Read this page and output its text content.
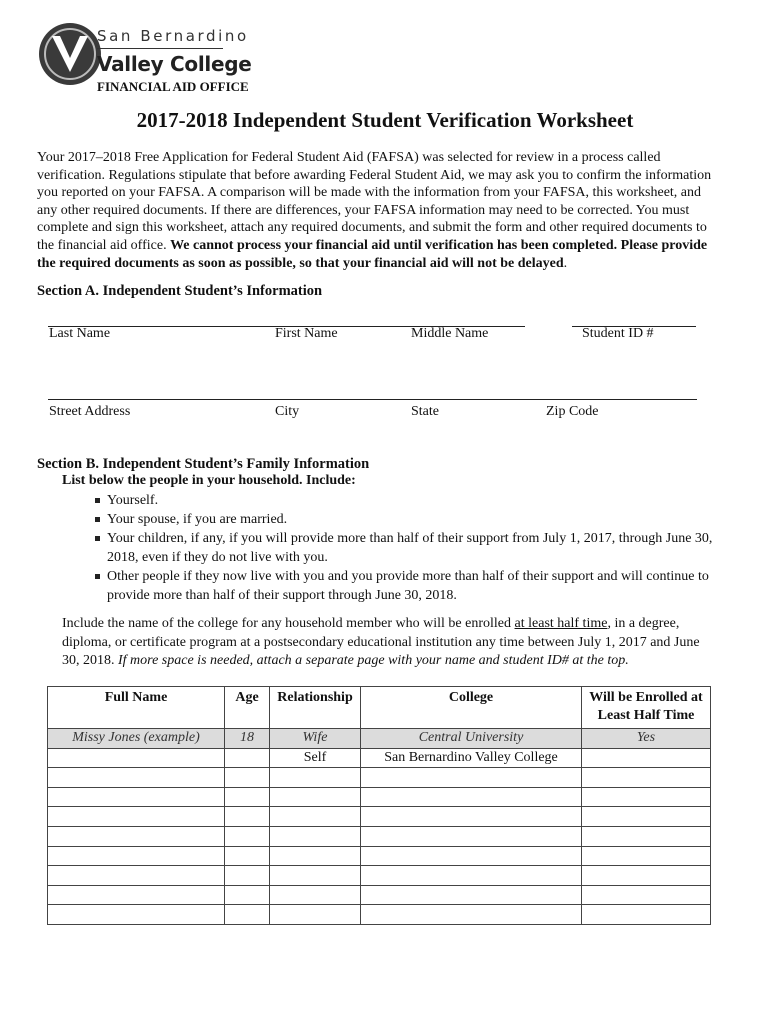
San Bernardino
Valley College
FINANCIAL AID OFFICE
2017-2018 Independent Student Verification Worksheet
Your 2017–2018 Free Application for Federal Student Aid (FAFSA) was selected for review in a process called verification. Regulations stipulate that before awarding Federal Student Aid, we may ask you to confirm the information you reported on your FAFSA. A comparison will be made with the information from your FAFSA, this worksheet, and any other required documents. If there are differences, your FAFSA information may need to be corrected. You must complete and sign this worksheet, attach any required documents, and submit the form and other required documents to the financial aid office. We cannot process your financial aid until verification has been completed. Please provide the required documents as soon as possible, so that your financial aid will not be delayed.
Section A. Independent Student’s Information
Last Name	First Name	Middle Name	Student ID #
Street Address	City	State	Zip Code
Section B. Independent Student’s Family Information
List below the people in your household. Include:
Yourself.
Your spouse, if you are married.
Your children, if any, if you will provide more than half of their support from July 1, 2017, through June 30, 2018, even if they do not live with you.
Other people if they now live with you and you provide more than half of their support and will continue to provide more than half of their support through June 30, 2018.
Include the name of the college for any household member who will be enrolled at least half time, in a degree, diploma, or certificate program at a postsecondary educational institution any time between July 1, 2017 and June 30, 2018. If more space is needed, attach a separate page with your name and student ID# at the top.
Full Name	Age	Relationship	College	Will be Enrolled at Least Half Time
Missy Jones (example)	18	Wife	Central University	Yes
		Self	San Bernardino Valley College	
